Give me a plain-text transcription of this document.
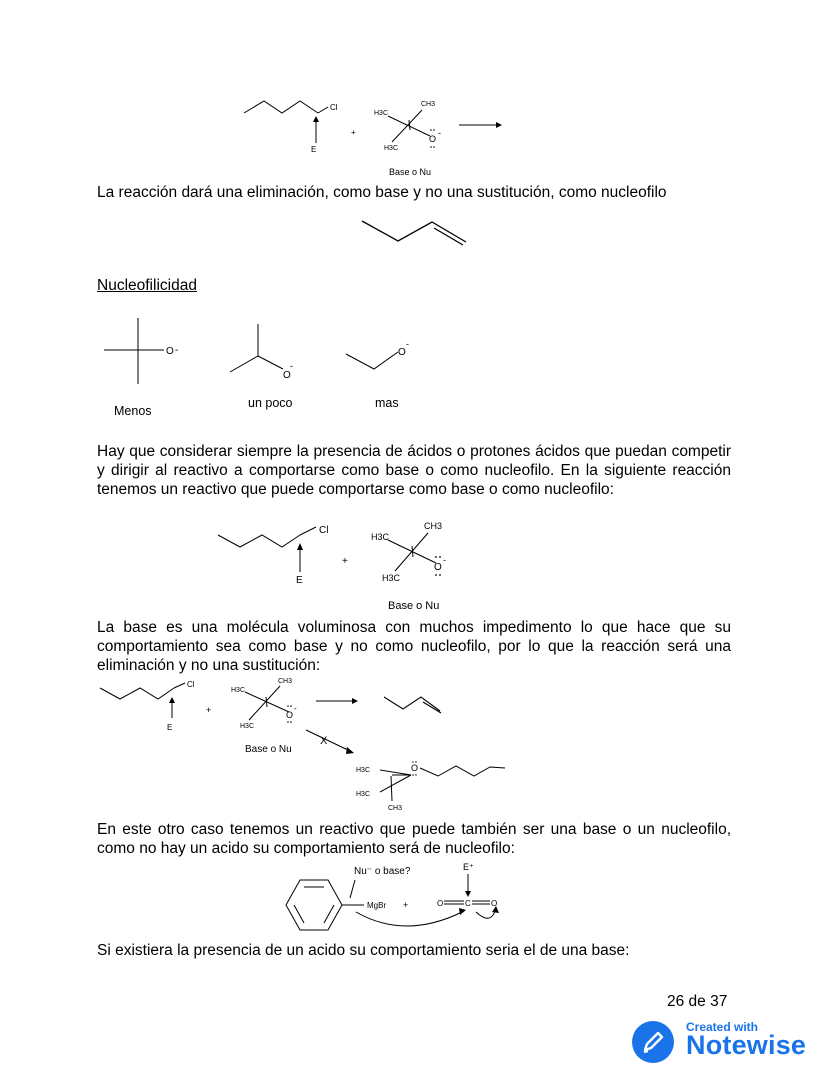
Cl
E
+
CH3
H3C
H3C
O
-
Base o Nu

La reacción dará una eliminación, como base y no una sustitución, como nucleofilo

Nucleofilicidad
O -
O
-
O
-
Menos
un poco	mas

Hay que considerar siempre la presencia de ácidos o protones ácidos que puedan competir y dirigir al reactivo a comportarse como base o como nucleofilo. En la siguiente reacción tenemos un reactivo que puede comportarse como base o como nucleofilo:

Cl
E
+
CH3
H3C
H3C
O
-
Base o Nu

La base es una molécula voluminosa con muchos impedimento lo que hace que su comportamiento sea como base y no como nucleofilo, por lo que la reacción será una eliminación y no una sustitución:

Cl
E
+
CH3
H3C
H3C
O
-
Base o Nu
X
H3C
H3C
CH3
O

En este otro caso tenemos un reactivo que puede también ser una base o un nucleofilo, como no hay un acido su comportamiento será de nucleofilo:

MgBr
Nu⁻ o base?
+	O	C	O
E⁺

Si existiera la presencia de un acido su comportamiento seria el de una base:

26 de 37
Created with
Notewise
